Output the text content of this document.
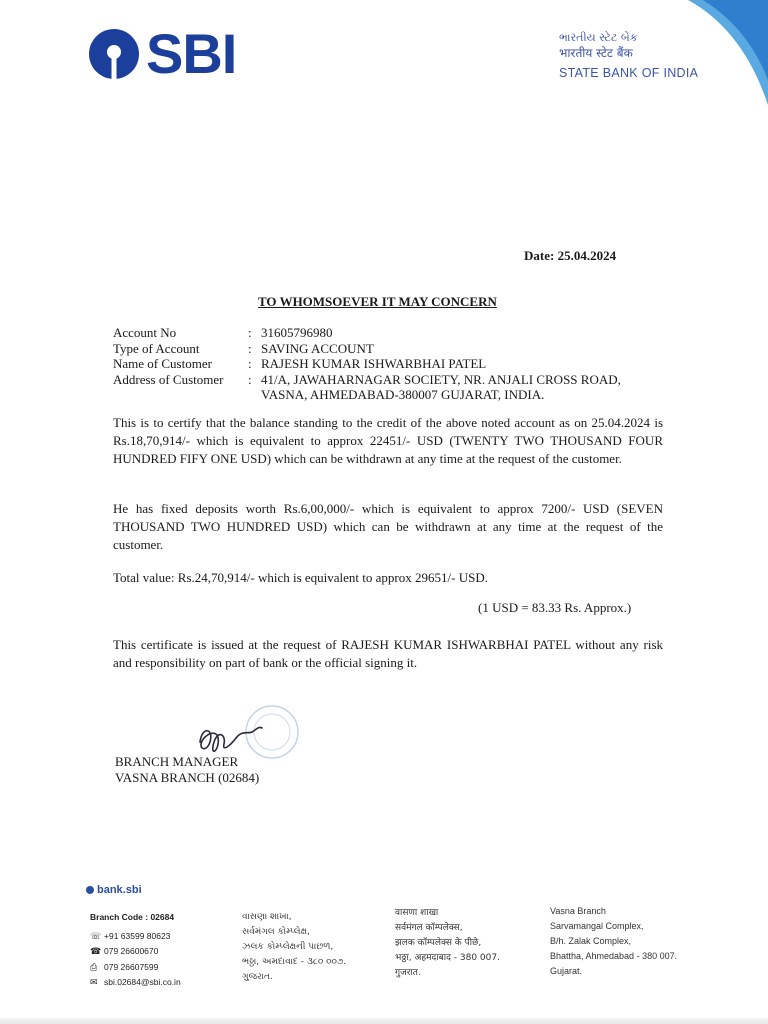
SBI	ભારતીય સ્ટેટ બેંક
भारतीय स्टेट बैंक
STATE BANK OF INDIA
Date: 25.04.2024
TO WHOMSOEVER IT MAY CONCERN
Account No	: 31605796980
Type of Account	: SAVING ACCOUNT
Name of Customer	: RAJESH KUMAR ISHWARBHAI PATEL
Address of Customer	: 41/A, JAWAHARNAGAR SOCIETY, NR. ANJALI CROSS ROAD,
VASNA, AHMEDABAD-380007 GUJARAT, INDIA.
This is to certify that the balance standing to the credit of the above noted account as on 25.04.2024 is Rs.18,70,914/- which is equivalent to approx 22451/- USD (TWENTY TWO THOUSAND FOUR HUNDRED FIFY ONE USD) which can be withdrawn at any time at the request of the customer.
He has fixed deposits worth Rs.6,00,000/- which is equivalent to approx 7200/- USD (SEVEN THOUSAND TWO HUNDRED USD) which can be withdrawn at any time at the request of the customer.
Total value: Rs.24,70,914/- which is equivalent to approx 29651/- USD.
(1 USD = 83.33 Rs. Approx.)
This certificate is issued at the request of RAJESH KUMAR ISHWARBHAI PATEL without any risk and responsibility on part of bank or the official signing it.
BRANCH MANAGER
VASNA BRANCH (02684)
bank.sbi
Branch Code : 02684
☏ +91 63599 80623
☎ 079 26600670
⎙ 079 26607599
✉ sbi.02684@sbi.co.in
વાસણા શાખા,
સર્વમંગલ કોમ્પ્લેક્ષ,
ઝલક કોમ્પ્લેક્ષની પાછળ,
ભઠ્ઠા, અમદાવાદ - ૩૮૦ ૦૦૭.
ગુજરાત.
वासणा शाखा
सर्वमंगल कॉम्पलेक्स,
झलक कॉम्पलेक्स के पीछे,
भठ्ठा, अहमदाबाद - 380 007.
गुजरात.
Vasna Branch
Sarvamangal Complex,
B/h. Zalak Complex,
Bhattha, Ahmedabad - 380 007.
Gujarat.
